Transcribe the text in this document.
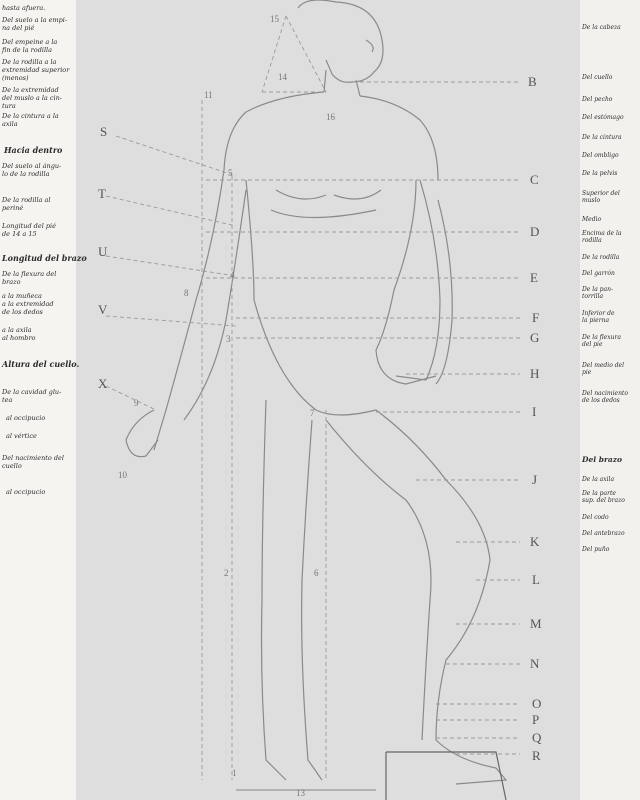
B
C
D
E
F
G
H
I
J
K
L
M
N
O
P
Q
R
S
T
U
V
X
15
14
11
16
5
4
8
3
9
10
7
2	6
1
13
hasta afuera.
Del suelo a la empi-
na del pié
Del empeine a la
fin de la rodilla
De la rodilla a la
extremidad superior
(menos)
De la extremidad
del muslo a la cin-
tura
De la cintura a la
axila
Hacia dentro
Del suelo al ángu-
lo de la rodilla
De la rodilla al
periné
Longitud del pié
de 14 a 15
Longitud del brazo
De la flexura del
brazo
a la muñeca
a la extremidad
de los dedos
a la axila
al hombro
Altura del cuello.
De la cavidad glu-
tea
al occipucio
al vértice
Del nacimiento del
cuello
al occipucio
De la cabeza
Del cuello
Del pecho
Del estómago
De la cintura
Del ombligo
De la pelvis
Superior del
muslo
Medio
Encima de la
rodilla
De la rodilla
Del garrón
De la pan-
torrilla
Inferior de
la pierna
De la flexura
del pie
Del medio del
pie
Del nacimiento
de los dedos
Del brazo
De la axila
De la parte
sup. del brazo
Del codo
Del antebrazo
Del puño
